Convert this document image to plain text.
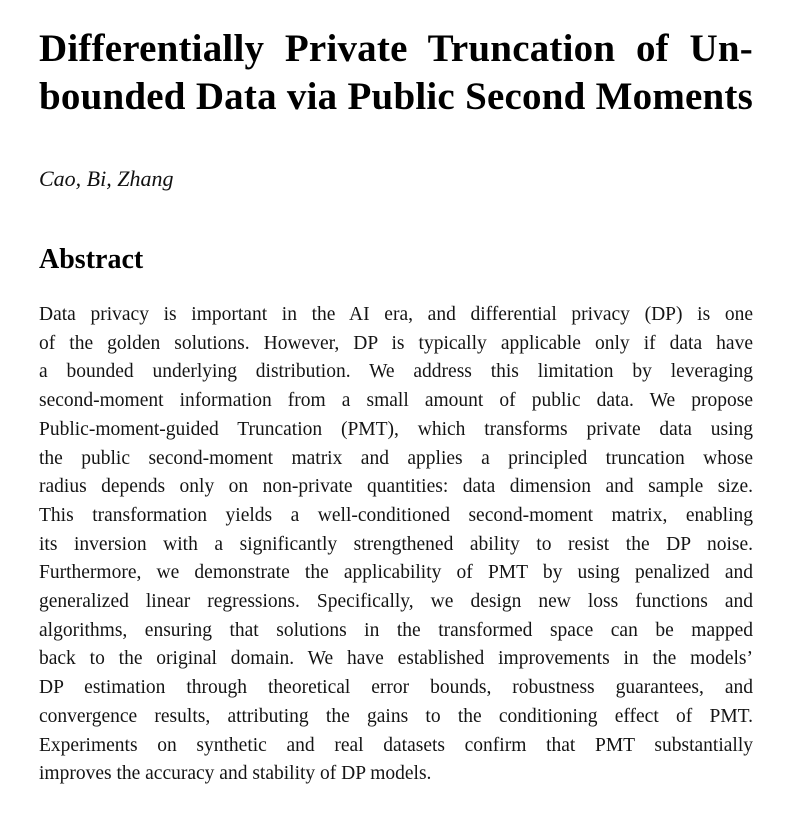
Differentially Private Truncation of Un-
bounded Data via Public Second Moments
Cao, Bi, Zhang
Abstract
Data privacy is important in the AI era, and differential privacy (DP) is one
of the golden solutions. However, DP is typically applicable only if data have
a bounded underlying distribution. We address this limitation by leveraging
second-moment information from a small amount of public data. We propose
Public-moment-guided Truncation (PMT), which transforms private data using
the public second-moment matrix and applies a principled truncation whose
radius depends only on non-private quantities: data dimension and sample size.
This transformation yields a well-conditioned second-moment matrix, enabling
its inversion with a significantly strengthened ability to resist the DP noise.
Furthermore, we demonstrate the applicability of PMT by using penalized and
generalized linear regressions. Specifically, we design new loss functions and
algorithms, ensuring that solutions in the transformed space can be mapped
back to the original domain. We have established improvements in the models’
DP estimation through theoretical error bounds, robustness guarantees, and
convergence results, attributing the gains to the conditioning effect of PMT.
Experiments on synthetic and real datasets confirm that PMT substantially
improves the accuracy and stability of DP models.
